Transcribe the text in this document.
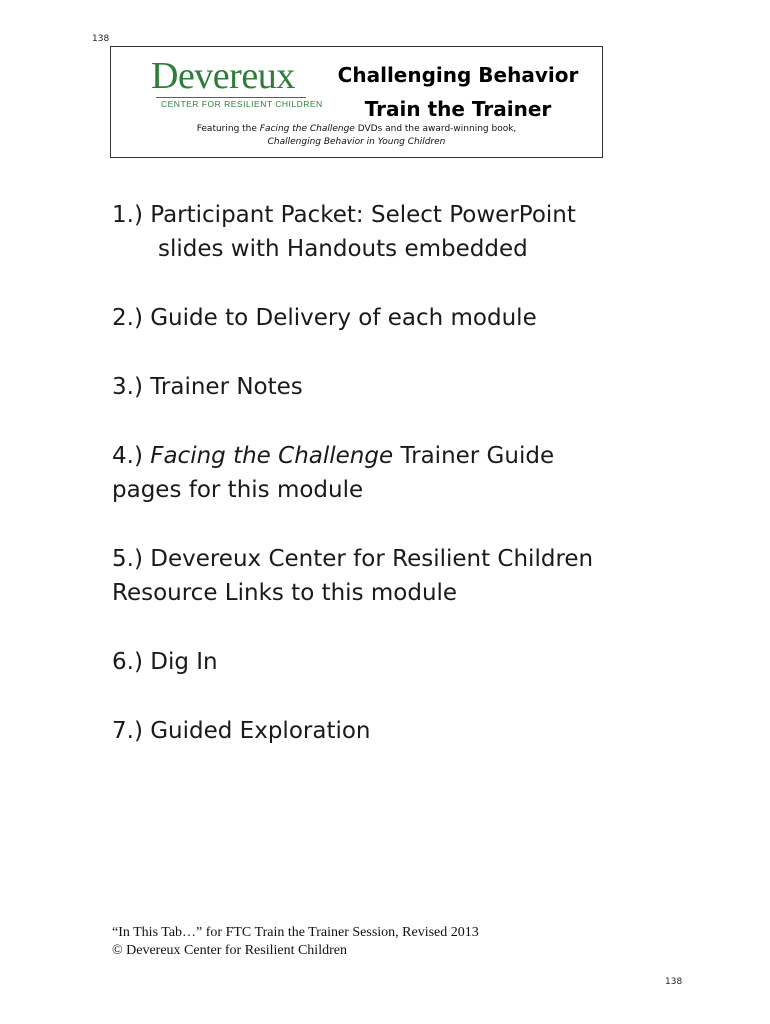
138
Devereux
CENTER FOR RESILIENT CHILDREN
Challenging Behavior
Train the Trainer
Featuring the Facing the Challenge DVDs and the award-winning book,
Challenging Behavior in Young Children
1.) Participant Packet: Select PowerPoint
slides with Handouts embedded
2.) Guide to Delivery of each module
3.) Trainer Notes
4.) Facing the Challenge Trainer Guide
pages for this module
5.) Devereux Center for Resilient Children
Resource Links to this module
6.) Dig In
7.) Guided Exploration
“In This Tab…” for FTC Train the Trainer Session, Revised 2013
© Devereux Center for Resilient Children
138
